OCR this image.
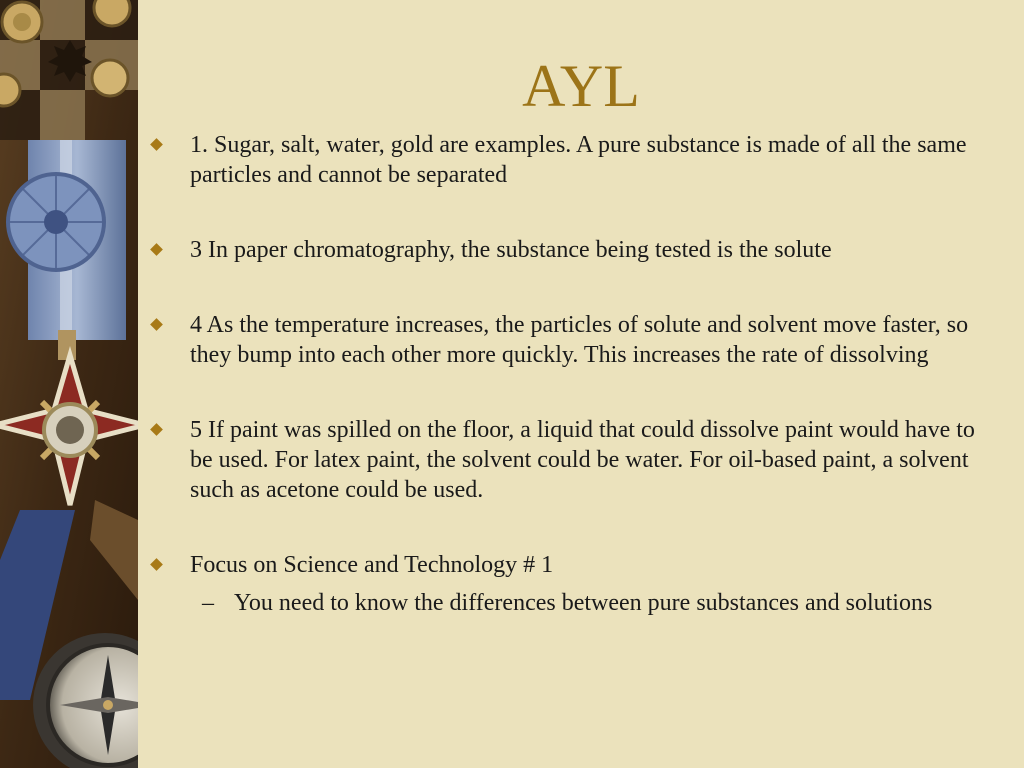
AYL
1. Sugar, salt, water, gold are examples. A pure substance is made of all the same particles and cannot be separated
3 In paper chromatography, the substance being tested is the solute
4 As the temperature increases, the particles of solute and solvent move faster, so they bump into each other more quickly. This increases the rate of dissolving
5 If paint was spilled on the floor, a liquid that could dissolve paint would have to be used. For latex paint, the solvent could be water. For oil-based paint, a solvent such as acetone could be used.
Focus on Science and Technology # 1
– You need to know the differences between pure substances and solutions
